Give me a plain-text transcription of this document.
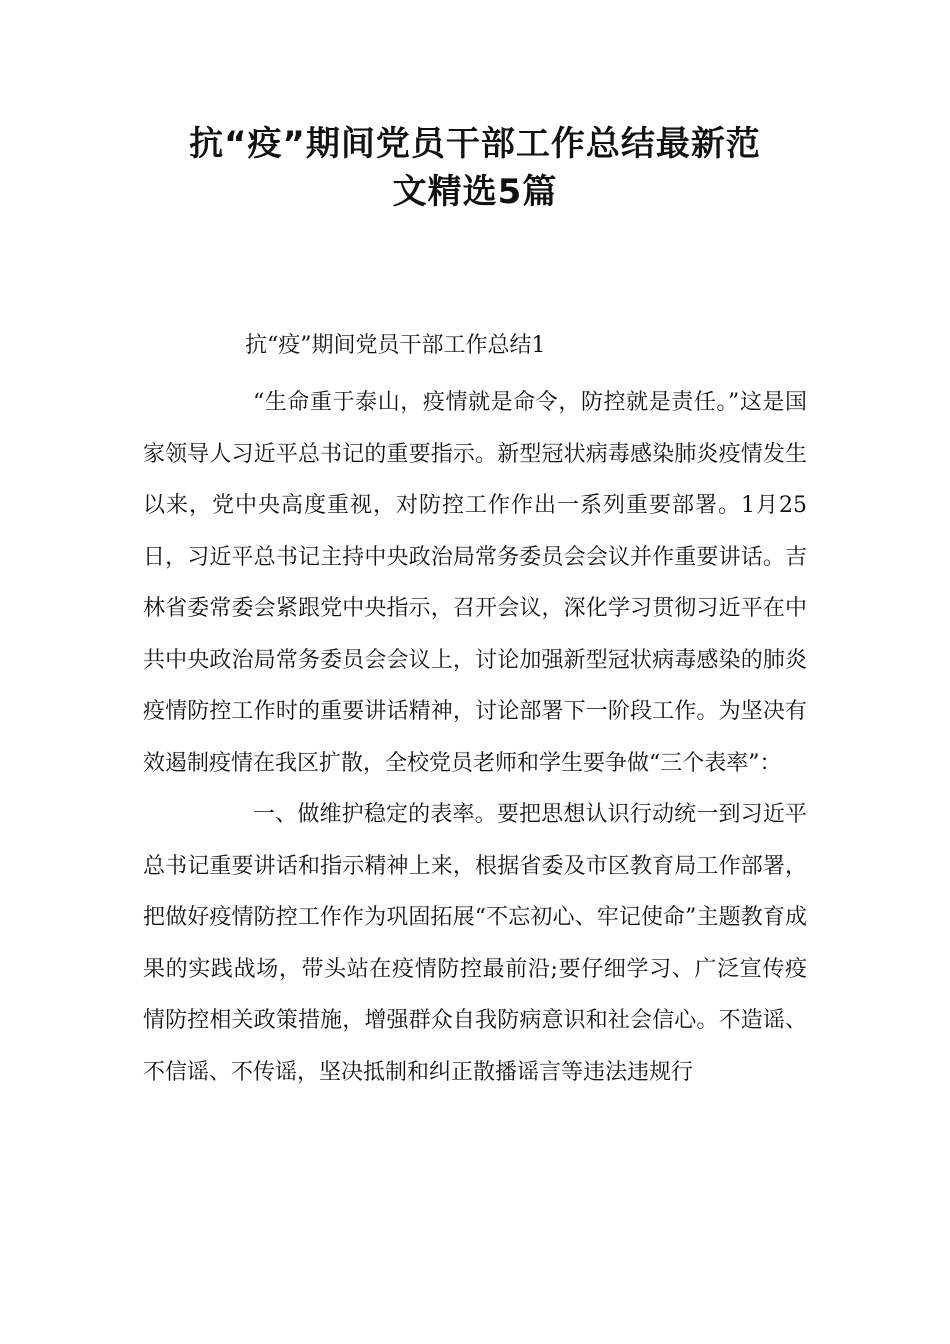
抗“疫”期间党员干部工作总结最新范
文精选5篇

抗“疫”期间党员干部工作总结1

“生命重于泰山，疫情就是命令，防控就是责任。”这是国家领导人习近平总书记的重要指示。新型冠状病毒感染肺炎疫情发生以来，党中央高度重视，对防控工作作出一系列重要部署。1月25日，习近平总书记主持中央政治局常务委员会会议并作重要讲话。吉林省委常委会紧跟党中央指示，召开会议，深化学习贯彻习近平在中共中央政治局常务委员会会议上，讨论加强新型冠状病毒感染的肺炎疫情防控工作时的重要讲话精神，讨论部署下一阶段工作。为坚决有效遏制疫情在我区扩散，全校党员老师和学生要争做“三个表率”：

一、做维护稳定的表率。要把思想认识行动统一到习近平总书记重要讲话和指示精神上来，根据省委及市区教育局工作部署，把做好疫情防控工作作为巩固拓展“不忘初心、牢记使命”主题教育成果的实践战场，带头站在疫情防控最前沿;要仔细学习、广泛宣传疫情防控相关政策措施，增强群众自我防病意识和社会信心。不造谣、不信谣、不传谣，坚决抵制和纠正散播谣言等违法违规行
